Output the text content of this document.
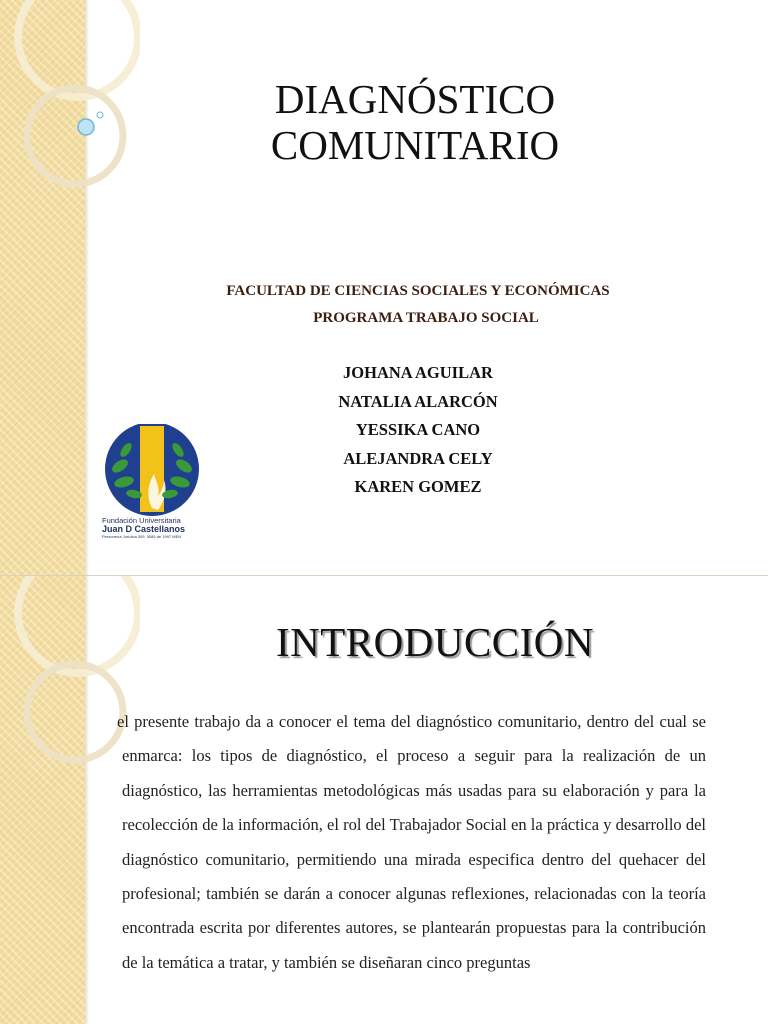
DIAGNÓSTICO
COMUNITARIO

FACULTAD DE CIENCIAS SOCIALES Y ECONÓMICAS

PROGRAMA TRABAJO SOCIAL

JOHANA AGUILAR
NATALIA ALARCÓN
YESSIKA CANO
ALEJANDRA CELY
KAREN GOMEZ
Fundación Universitaria
Juan D Castellanos
Personería Jurídica 309, 5085 de 1997 MEN
INTRODUCCIÓN

el presente trabajo da a conocer el tema del diagnóstico comunitario, dentro del cual se enmarca: los tipos de diagnóstico, el proceso a seguir para la realización de un diagnóstico, las herramientas metodológicas más usadas para su elaboración y para la recolección de la información, el rol del Trabajador Social en la práctica y desarrollo del diagnóstico comunitario, permitiendo una mirada especifica dentro del quehacer del profesional; también se darán a conocer algunas reflexiones, relacionadas con la teoría encontrada escrita por diferentes autores, se plantearán propuestas para la contribución de la temática a tratar, y también se diseñaran cinco preguntas
